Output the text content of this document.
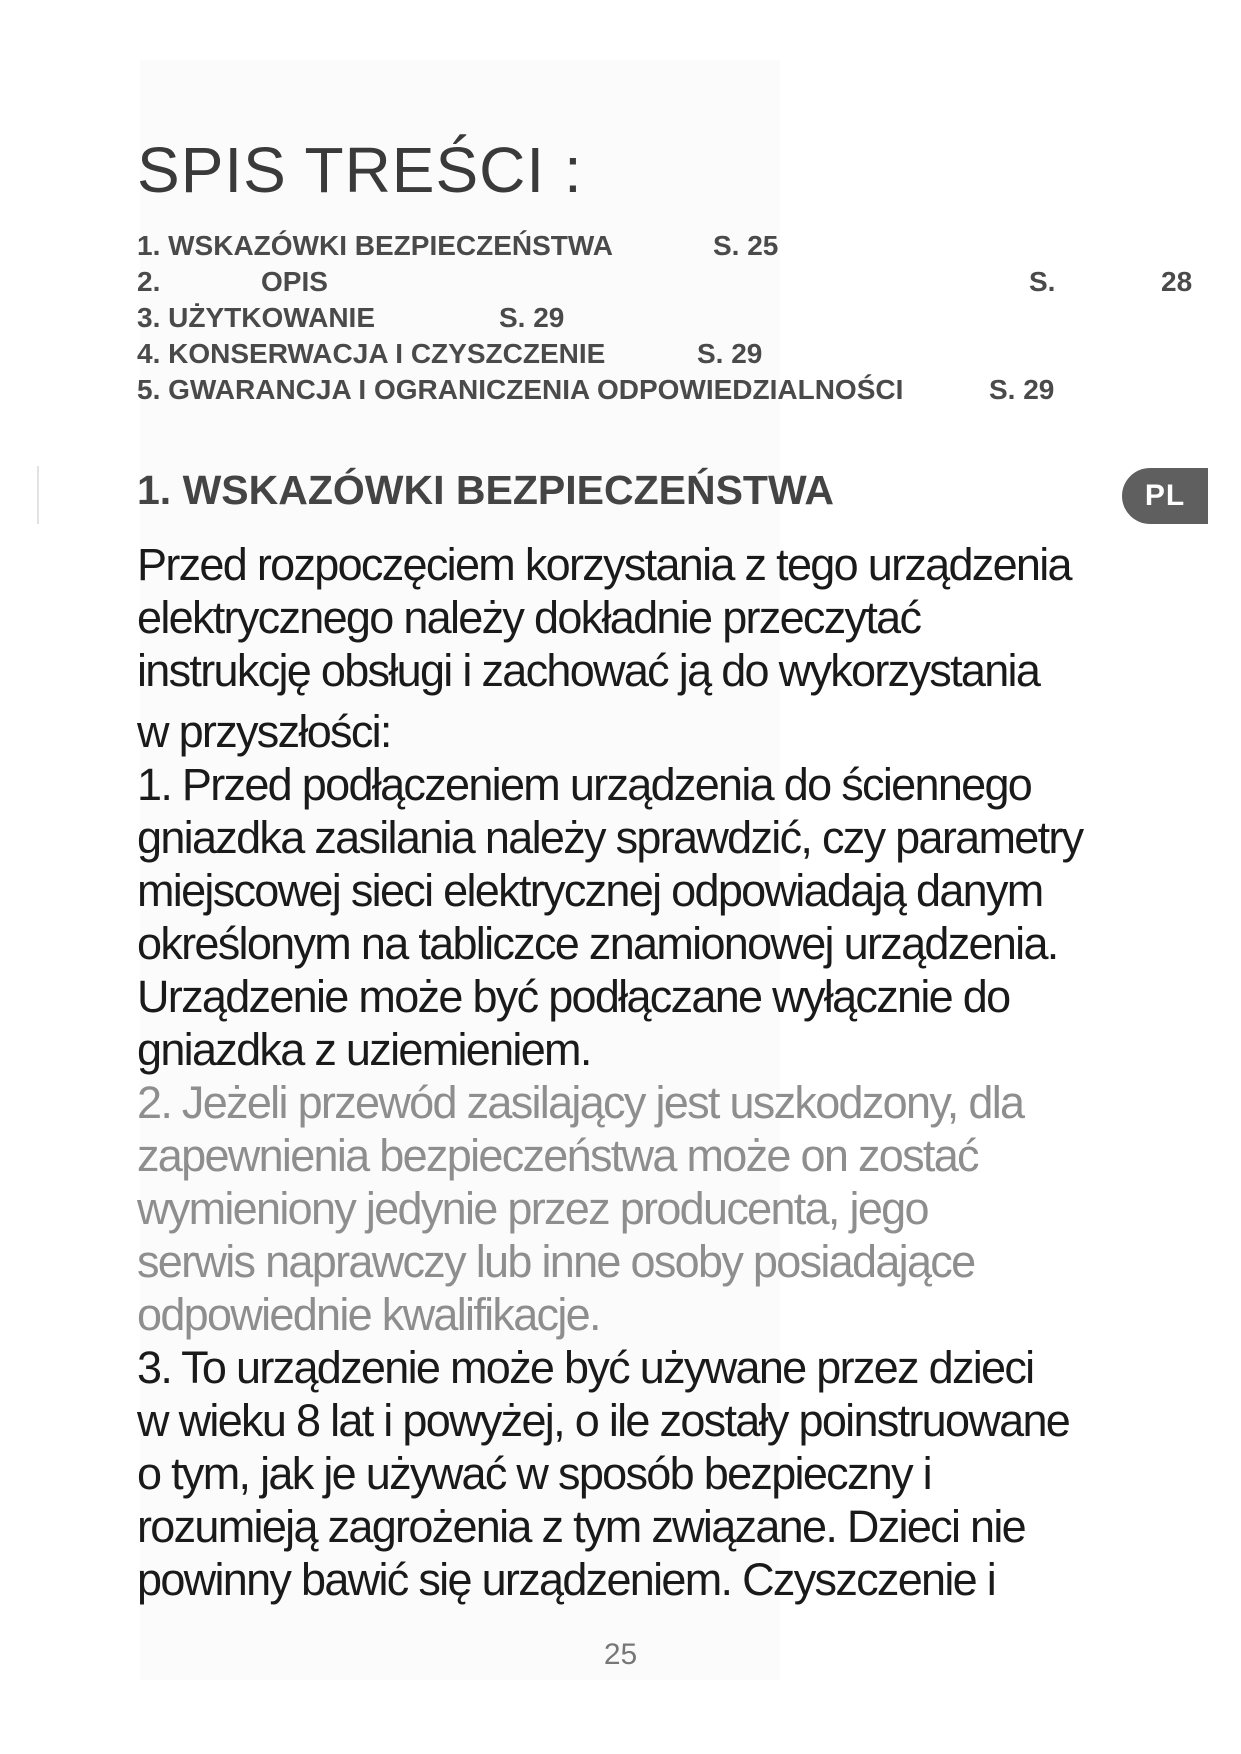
SPIS TREŚCI :
1. WSKAZÓWKI BEZPIECZEŃSTWA	S. 25
2.	OPIS	S.	28
3. UŻYTKOWANIE	S. 29
4. KONSERWACJA I CZYSZCZENIE	S. 29
5. GWARANCJA I OGRANICZENIA ODPOWIEDZIALNOŚCI	S. 29
1. WSKAZÓWKI BEZPIECZEŃSTWA	PL
Przed rozpoczęciem korzystania z tego urządzenia
elektrycznego należy dokładnie przeczytać
instrukcję obsługi i zachować ją do wykorzystania
w przyszłości:
1. Przed podłączeniem urządzenia do ściennego
gniazdka zasilania należy sprawdzić, czy parametry
miejscowej sieci elektrycznej odpowiadają danym
określonym na tabliczce znamionowej urządzenia.
Urządzenie może być podłączane wyłącznie do
gniazdka z uziemieniem.
2. Jeżeli przewód zasilający jest uszkodzony, dla
zapewnienia bezpieczeństwa może on zostać
wymieniony jedynie przez producenta, jego
serwis naprawczy lub inne osoby posiadające
odpowiednie kwalifikacje.
3. To urządzenie może być używane przez dzieci
w wieku 8 lat i powyżej, o ile zostały poinstruowane
o tym, jak je używać w sposób bezpieczny i
rozumieją zagrożenia z tym związane. Dzieci nie
powinny bawić się urządzeniem. Czyszczenie i
25
